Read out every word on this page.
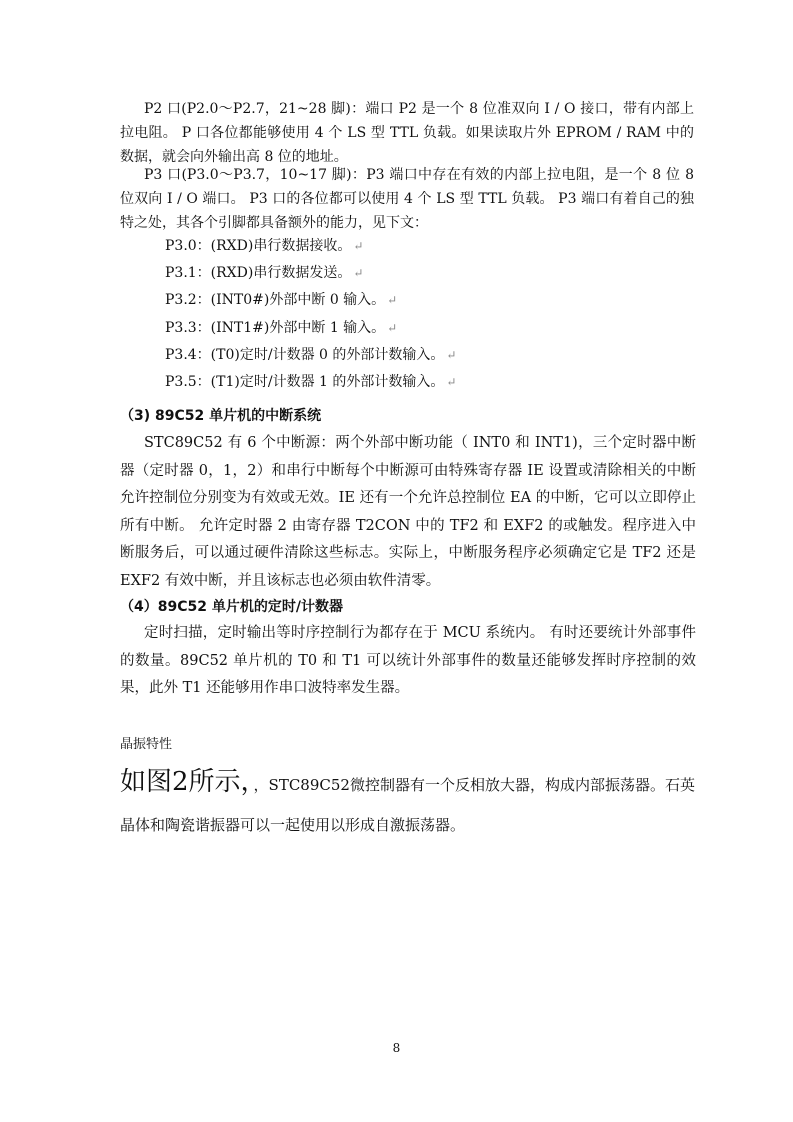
P2 口(P2.0～P2.7，21~28 脚)：端口 P2 是一个 8 位准双向 I / O 接口，带有内部上拉电阻。 P 口各位都能够使用 4 个 LS 型 TTL 负载。如果读取片外 EPROM / RAM 中的数据，就会向外输出高 8 位的地址。

P3 口(P3.0～P3.7，10~17 脚)：P3 端口中存在有效的内部上拉电阻，是一个 8 位 8 位双向 I / O 端口。 P3 口的各位都可以使用 4 个 LS 型 TTL 负载。 P3 端口有着自己的独特之处，其各个引脚都具备额外的能力，见下文：

P3.0：(RXD)串行数据接收。 ↵
P3.1：(RXD)串行数据发送。 ↵
P3.2：(INT0#)外部中断 0 输入。 ↵
P3.3：(INT1#)外部中断 1 输入。 ↵
P3.4：(T0)定时/计数器 0 的外部计数输入。 ↵
P3.5：(T1)定时/计数器 1 的外部计数输入。 ↵
（3) 89C52 单片机的中断系统

STC89C52 有 6 个中断源：两个外部中断功能（ INT0 和 INT1)，三个定时器中断器（定时器 0，1，2）和串行中断每个中断源可由特殊寄存器 IE 设置或清除相关的中断允许控制位分别变为有效或无效。IE 还有一个允许总控制位 EA 的中断，它可以立即停止所有中断。 允许定时器 2 由寄存器 T2CON 中的 TF2 和 EXF2 的或触发。程序进入中断服务后，可以通过硬件清除这些标志。实际上，中断服务程序必须确定它是 TF2 还是 EXF2 有效中断，并且该标志也必须由软件清零。

（4）89C52 单片机的定时/计数器

定时扫描，定时输出等时序控制行为都存在于 MCU 系统内。 有时还要统计外部事件的数量。89C52 单片机的 T0 和 T1 可以统计外部事件的数量还能够发挥时序控制的效果，此外 T1 还能够用作串口波特率发生器。

晶振特性

如图2所示，，STC89C52微控制器有一个反相放大器，构成内部振荡器。石英晶体和陶瓷谐振器可以一起使用以形成自激振荡器。

8
